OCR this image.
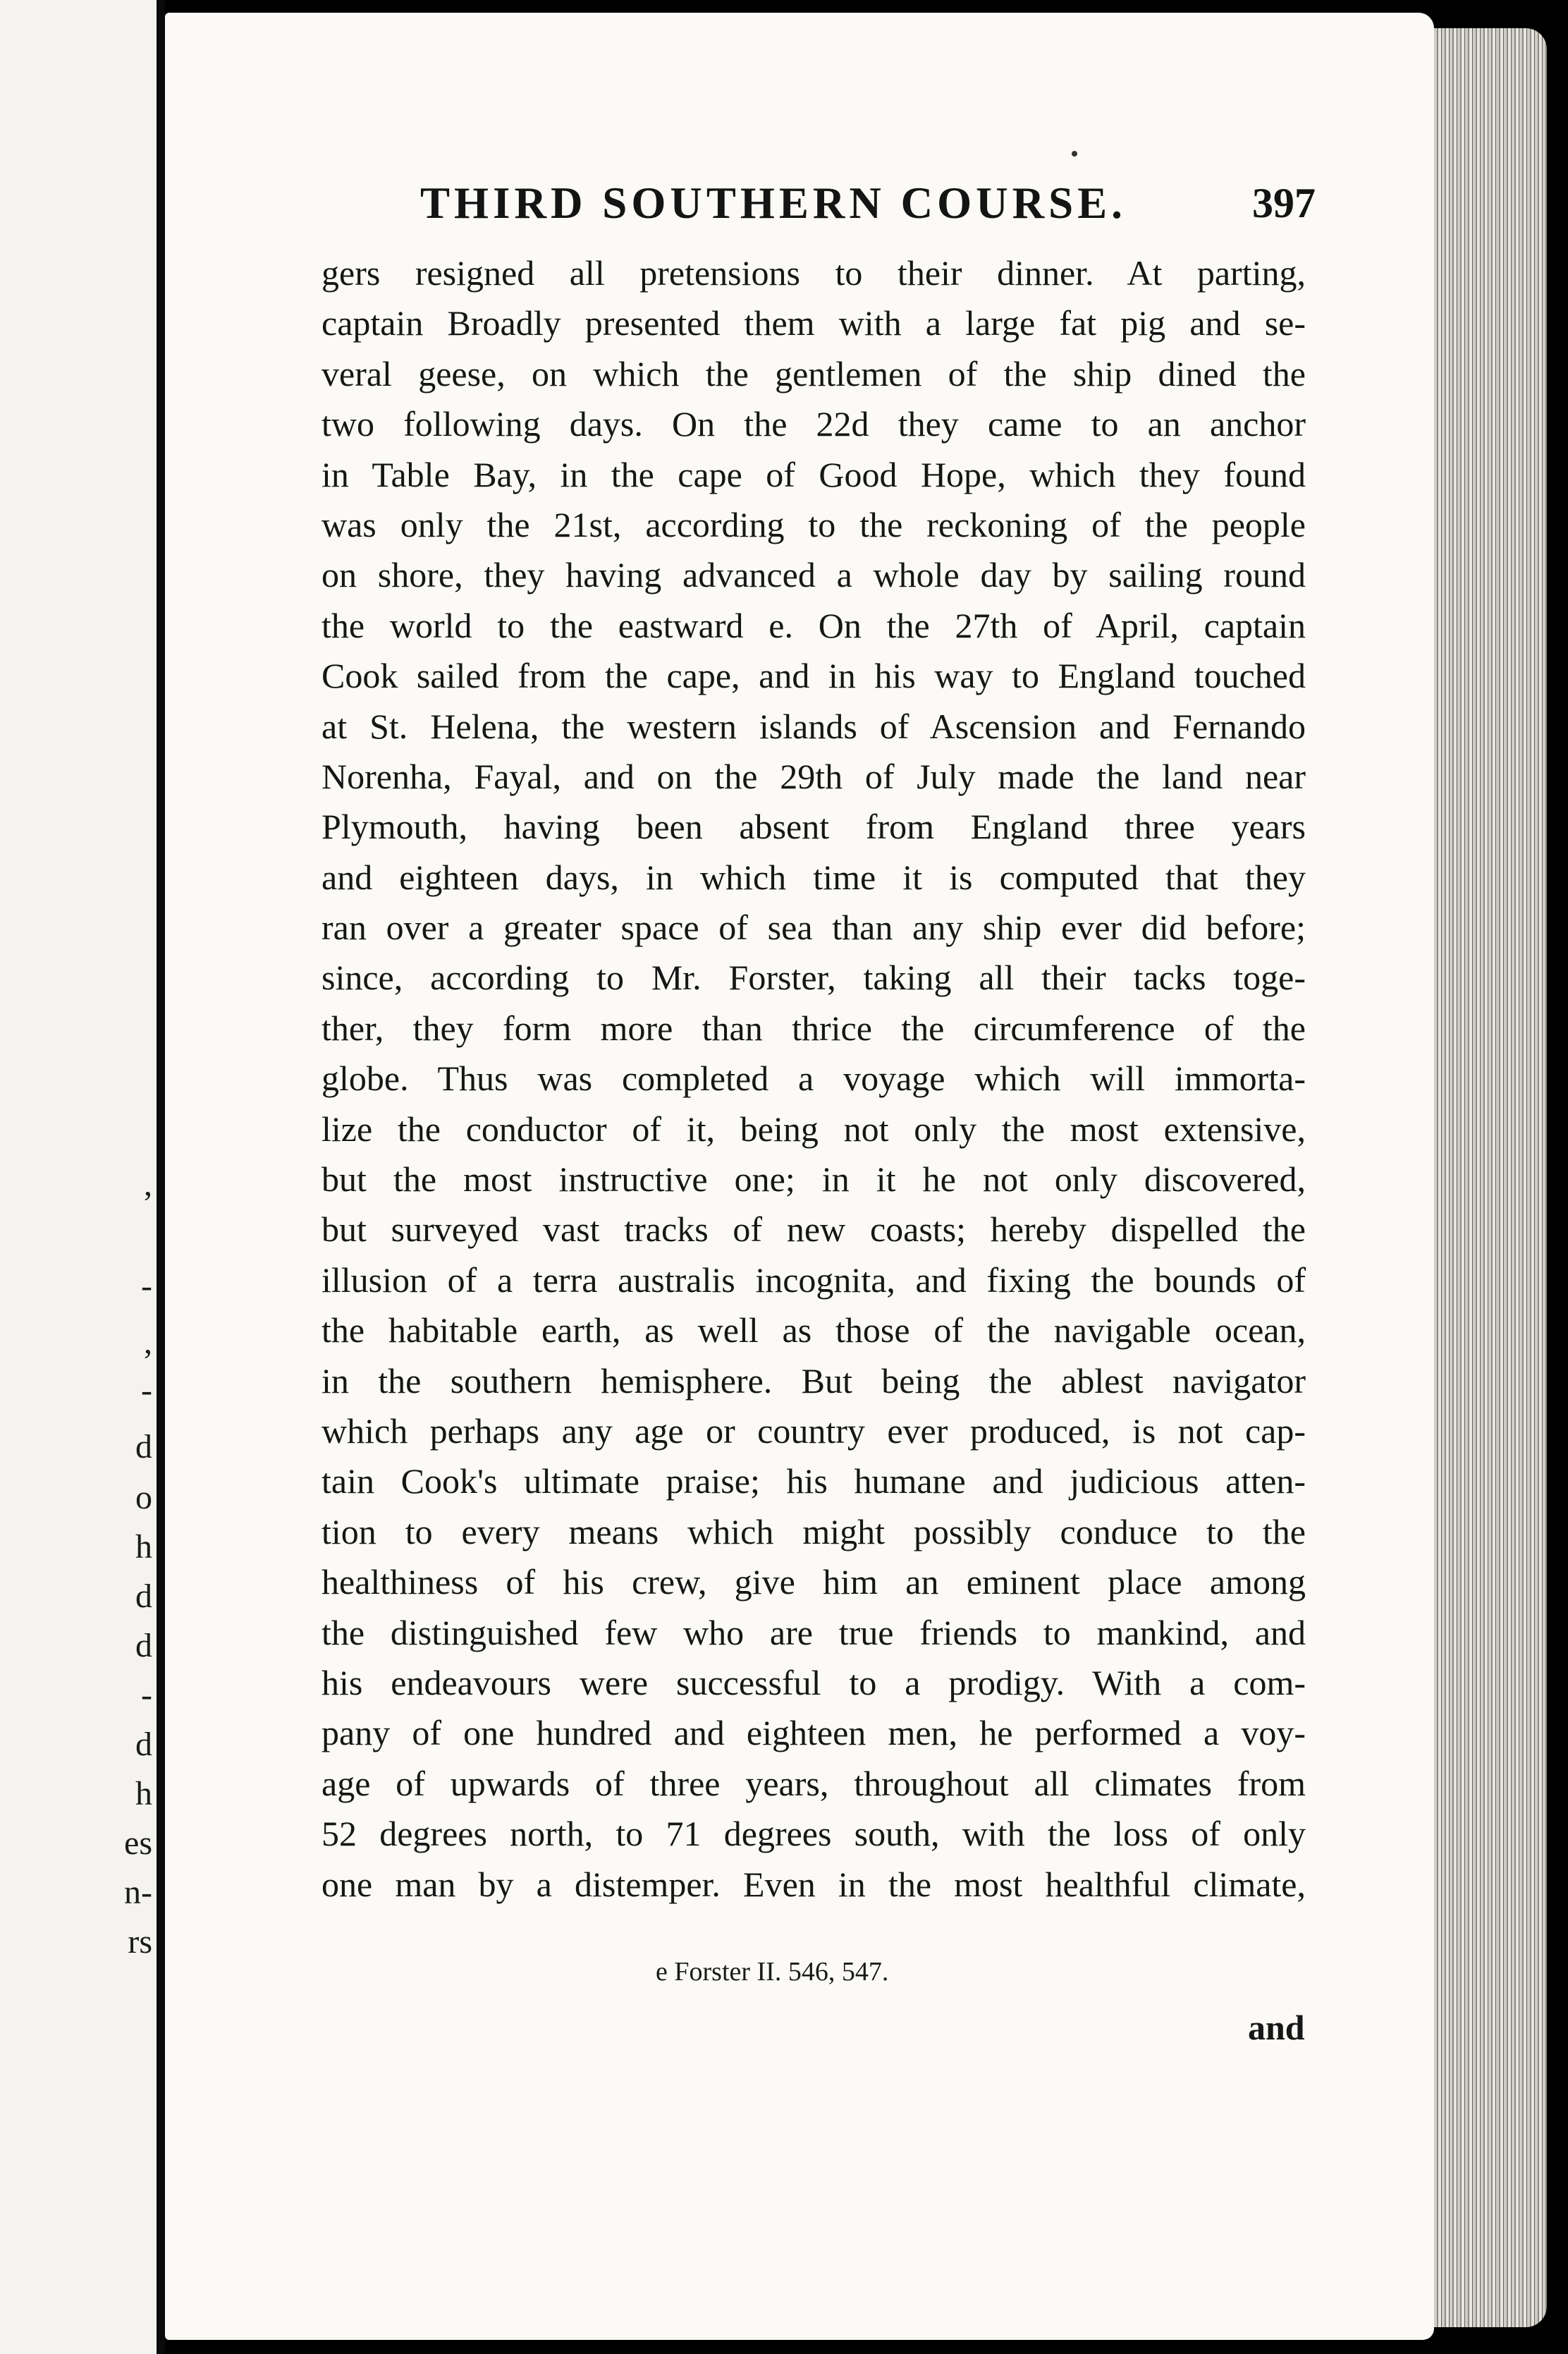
,
-
,
-
d
o
h
d
d
-
d
h
es
n-
rs
THIRD SOUTHERN COURSE.	397
gers resigned all pretensions to their dinner. At parting,
captain Broadly presented them with a large fat pig and se-
veral geese, on which the gentlemen of the ship dined the
two following days. On the 22d they came to an anchor
in Table Bay, in the cape of Good Hope, which they found
was only the 21st, according to the reckoning of the people
on shore, they having advanced a whole day by sailing round
the world to the eastward e. On the 27th of April, captain
Cook sailed from the cape, and in his way to England touched
at St. Helena, the western islands of Ascension and Fernando
Norenha, Fayal, and on the 29th of July made the land near
Plymouth, having been absent from England three years
and eighteen days, in which time it is computed that they
ran over a greater space of sea than any ship ever did before;
since, according to Mr. Forster, taking all their tacks toge-
ther, they form more than thrice the circumference of the
globe. Thus was completed a voyage which will immorta-
lize the conductor of it, being not only the most extensive,
but the most instructive one; in it he not only discovered,
but surveyed vast tracks of new coasts; hereby dispelled the
illusion of a terra australis incognita, and fixing the bounds of
the habitable earth, as well as those of the navigable ocean,
in the southern hemisphere. But being the ablest navigator
which perhaps any age or country ever produced, is not cap-
tain Cook's ultimate praise; his humane and judicious atten-
tion to every means which might possibly conduce to the
healthiness of his crew, give him an eminent place among
the distinguished few who are true friends to mankind, and
his endeavours were successful to a prodigy. With a com-
pany of one hundred and eighteen men, he performed a voy-
age of upwards of three years, throughout all climates from
52 degrees north, to 71 degrees south, with the loss of only
one man by a distemper. Even in the most healthful climate,
e Forster II. 546, 547.
and
